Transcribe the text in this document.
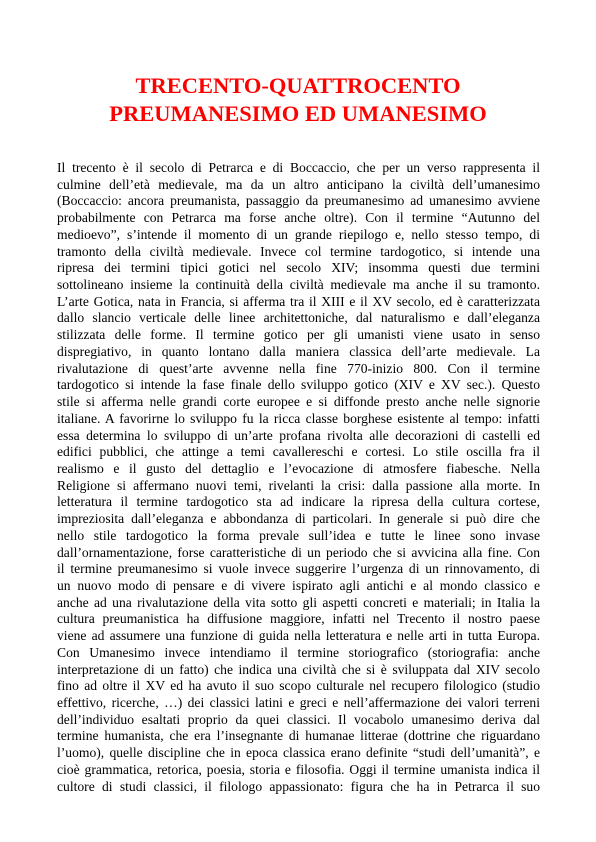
TRECENTO-QUATTROCENTO
PREUMANESIMO ED UMANESIMO
Il trecento è il secolo di Petrarca e di Boccaccio, che per un verso rappresenta il
culmine dell’età medievale, ma da un altro anticipano la civiltà dell’umanesimo
(Boccaccio: ancora preumanista, passaggio da preumanesimo ad umanesimo avviene
probabilmente con Petrarca ma forse anche oltre). Con il termine “Autunno del
medioevo”, s’intende il momento di un grande riepilogo e, nello stesso tempo, di
tramonto della civiltà medievale. Invece col termine tardogotico, si intende una
ripresa dei termini tipici gotici nel secolo XIV; insomma questi due termini
sottolineano insieme la continuità della civiltà medievale ma anche il su tramonto.
L’arte Gotica, nata in Francia, si afferma tra il XIII e il XV secolo, ed è caratterizzata
dallo slancio verticale delle linee architettoniche, dal naturalismo e dall’eleganza
stilizzata delle forme. Il termine gotico per gli umanisti viene usato in senso
dispregiativo, in quanto lontano dalla maniera classica dell’arte medievale. La
rivalutazione di quest’arte avvenne nella fine 770-inizio 800. Con il termine
tardogotico si intende la fase finale dello sviluppo gotico (XIV e XV sec.). Questo
stile si afferma nelle grandi corte europee e si diffonde presto anche nelle signorie
italiane. A favorirne lo sviluppo fu la ricca classe borghese esistente al tempo: infatti
essa determina lo sviluppo di un’arte profana rivolta alle decorazioni di castelli ed
edifici pubblici, che attinge a temi cavallereschi e cortesi. Lo stile oscilla fra il
realismo e il gusto del dettaglio e l’evocazione di atmosfere fiabesche. Nella
Religione si affermano nuovi temi, rivelanti la crisi: dalla passione alla morte. In
letteratura il termine tardogotico sta ad indicare la ripresa della cultura cortese,
impreziosita dall’eleganza e abbondanza di particolari. In generale si può dire che
nello stile tardogotico la forma prevale sull’idea e tutte le linee sono invase
dall’ornamentazione, forse caratteristiche di un periodo che si avvicina alla fine. Con
il termine preumanesimo si vuole invece suggerire l’urgenza di un rinnovamento, di
un nuovo modo di pensare e di vivere ispirato agli antichi e al mondo classico e
anche ad una rivalutazione della vita sotto gli aspetti concreti e materiali; in Italia la
cultura preumanistica ha diffusione maggiore, infatti nel Trecento il nostro paese
viene ad assumere una funzione di guida nella letteratura e nelle arti in tutta Europa.
Con Umanesimo invece intendiamo il termine storiografico (storiografia: anche
interpretazione di un fatto) che indica una civiltà che si è sviluppata dal XIV secolo
fino ad oltre il XV ed ha avuto il suo scopo culturale nel recupero filologico (studio
effettivo, ricerche, …) dei classici latini e greci e nell’affermazione dei valori terreni
dell’individuo esaltati proprio da quei classici. Il vocabolo umanesimo deriva dal
termine humanista, che era l’insegnante di humanae litterae (dottrine che riguardano
l’uomo), quelle discipline che in epoca classica erano definite “studi dell’umanità”, e
cioè grammatica, retorica, poesia, storia e filosofia. Oggi il termine umanista indica il
cultore di studi classici, il filologo appassionato: figura che ha in Petrarca il suo
